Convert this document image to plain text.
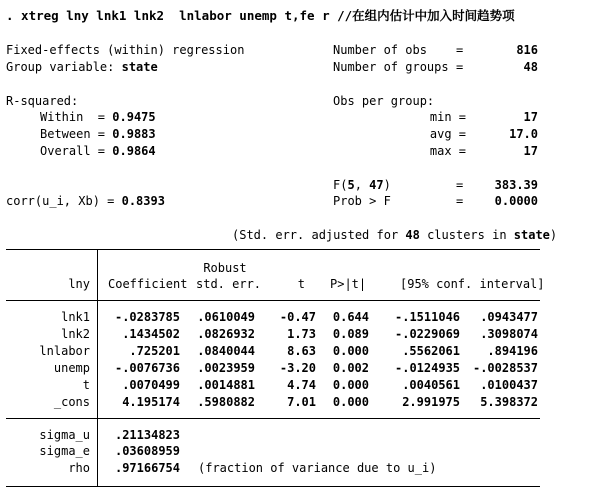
. xtreg lny lnk1 lnk2  lnlabor unemp t,fe r //在组内估计中加入时间趋势项
Fixed-effects (within) regression
Group variable: state
R-squared:
Within  = 0.9475
Between = 0.9883
Overall = 0.9864
corr(u_i, Xb) = 0.8393
Number of obs =	816
Number of groups =	48
Obs per group:
min =	17
avg =	17.0
max =	17
F(5, 47)	=	383.39
Prob > F	=	0.0000
(Std. err. adjusted for 48 clusters in state)
lny Coefficient
Robust
std. err.	t P>|t|	[95% conf. interval]
lnk1	-.0283785	.0610049	-0.47	0.644 -.1511046	.0943477
lnk2	.1434502	.0826932	1.73	0.089 -.0229069	.3098074
lnlabor	.725201	.0840044	8.63	0.000	.5562061	.894196
unemp	-.0076736	.0023959	-3.20	0.002 -.0124935	-.0028537
t	.0070499	.0014881	4.74	0.000	.0040561	.0100437
_cons	4.195174	.5980882	7.01	0.000	2.991975	5.398372
sigma_u	.21134823
sigma_e	.03608959
rho	.97166754 (fraction of variance due to u_i)
